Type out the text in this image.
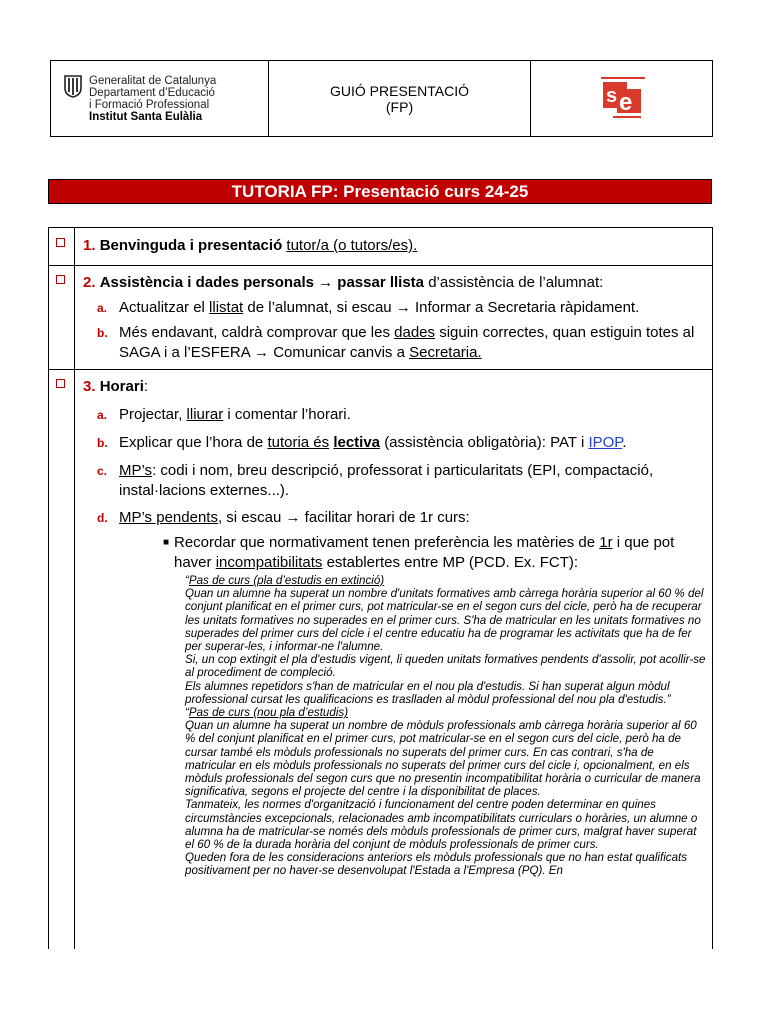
Generalitat de Catalunya
Departament d’Educació
i Formació Professional
Institut Santa Eulàlia
GUIÓ PRESENTACIÓ
(FP)	s e
TUTORIA FP: Presentació curs 24-25
1. Benvinguda i presentació tutor/a (o tutors/es).
2. Assistència i dades personals → passar llista d’assistència de l’alumnat:
a. Actualitzar el llistat de l’alumnat, si escau → Informar a Secretaria ràpidament.
b. Més endavant, caldrà comprovar que les dades siguin correctes, quan estiguin totes al SAGA i a l’ESFERA → Comunicar canvis a Secretaria.
3. Horari:
a. Projectar, lliurar i comentar l’horari.
b. Explicar que l’hora de tutoria és lectiva (assistència obligatòria): PAT i IPOP.
c. MP’s: codi i nom, breu descripció, professorat i particularitats (EPI, compactació, instal·lacions externes...).
d. MP’s pendents, si escau → facilitar horari de 1r curs:
■ Recordar que normativament tenen preferència les matèries de 1r i que pot haver incompatibilitats establertes entre MP (PCD. Ex. FCT):

“Pas de curs (pla d’estudis en extinció)

Quan un alumne ha superat un nombre d'unitats formatives amb càrrega horària superior al 60 % del conjunt planificat en el primer curs, pot matricular-se en el segon curs del cicle, però ha de recuperar les unitats formatives no superades en el primer curs. S'ha de matricular en les unitats formatives no superades del primer curs del cicle i el centre educatiu ha de programar les activitats que ha de fer per superar-les, i informar-ne l'alumne.

Si, un cop extingit el pla d'estudis vigent, li queden unitats formatives pendents d'assolir, pot acollir-se al procediment de compleció.

Els alumnes repetidors s'han de matricular en el nou pla d'estudis. Si han superat algun mòdul professional cursat les qualificacions es traslladen al mòdul professional del nou pla d'estudis.”

“Pas de curs (nou pla d’estudis)

Quan un alumne ha superat un nombre de mòduls professionals amb càrrega horària superior al 60 % del conjunt planificat en el primer curs, pot matricular-se en el segon curs del cicle, però ha de cursar també els mòduls professionals no superats del primer curs. En cas contrari, s'ha de matricular en els mòduls professionals no superats del primer curs del cicle i, opcionalment, en els mòduls professionals del segon curs que no presentin incompatibilitat horària o curricular de manera significativa, segons el projecte del centre i la disponibilitat de places.

Tanmateix, les normes d'organització i funcionament del centre poden determinar en quines circumstàncies excepcionals, relacionades amb incompatibilitats curriculars o horàries, un alumne o alumna ha de matricular-se només dels mòduls professionals de primer curs, malgrat haver superat el 60 % de la durada horària del conjunt de mòduls professionals de primer curs.

Queden fora de les consideracions anteriors els mòduls professionals que no han estat qualificats positivament per no haver-se desenvolupat l'Estada a l'Empresa (PQ). En
